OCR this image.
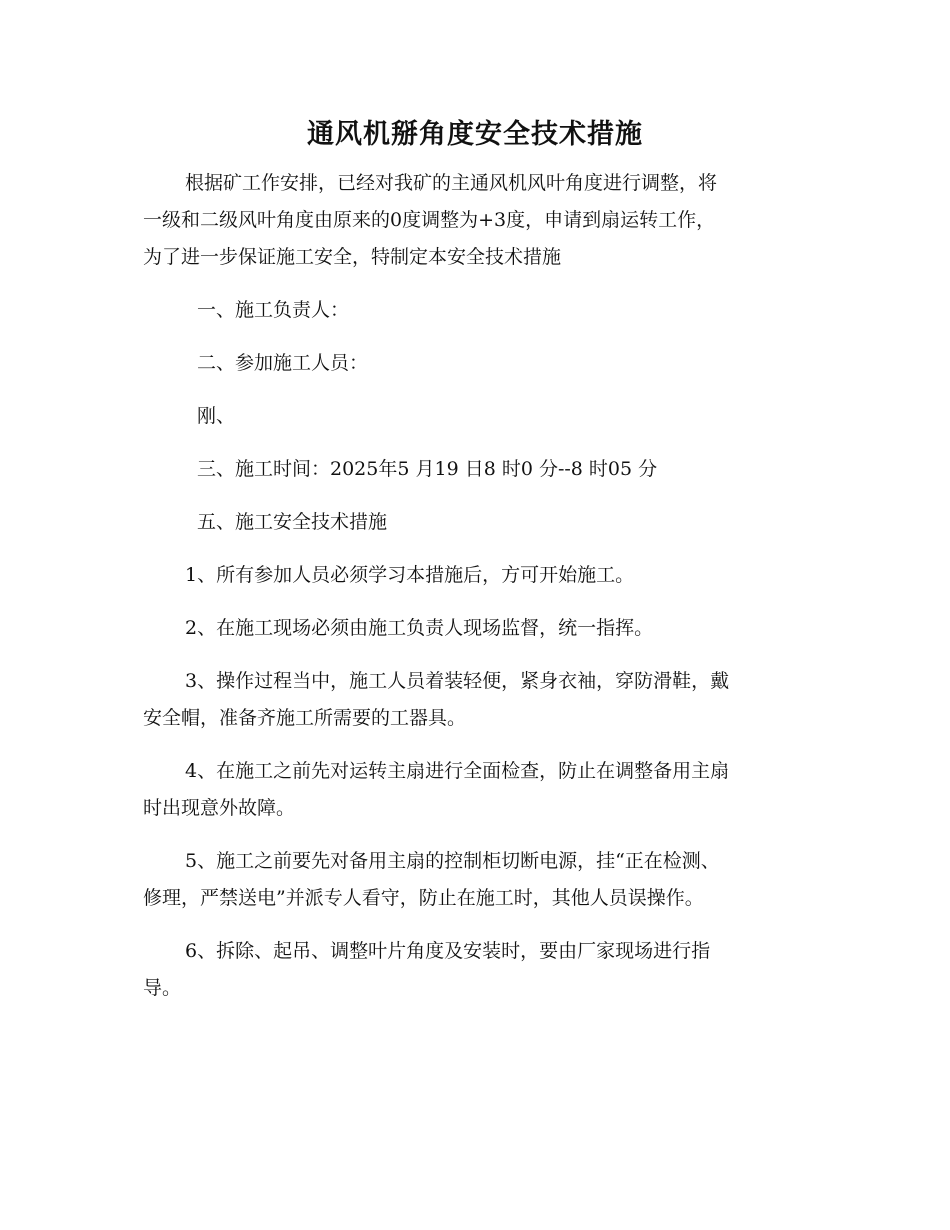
通风机掰角度安全技术措施

根据矿工作安排，已经对我矿的主通风机风叶角度进行调整，将

一级和二级风叶角度由原来的0度调整为+3度，申请到扇运转工作，

为了进一步保证施工安全，特制定本安全技术措施

一、施工负责人：

二、参加施工人员：

刚、

三、施工时间：2025年5 月19 日8 时0 分--8 时05 分

五、施工安全技术措施

1、所有参加人员必须学习本措施后，方可开始施工。

2、在施工现场必须由施工负责人现场监督，统一指挥。

3、操作过程当中，施工人员着装轻便，紧身衣袖，穿防滑鞋，戴

安全帽，准备齐施工所需要的工器具。

4、在施工之前先对运转主扇进行全面检查，防止在调整备用主扇

时出现意外故障。

5、施工之前要先对备用主扇的控制柜切断电源，挂“正在检测、

修理，严禁送电”并派专人看守，防止在施工时，其他人员误操作。

6、拆除、起吊、调整叶片角度及安装时，要由厂家现场进行指

导。
